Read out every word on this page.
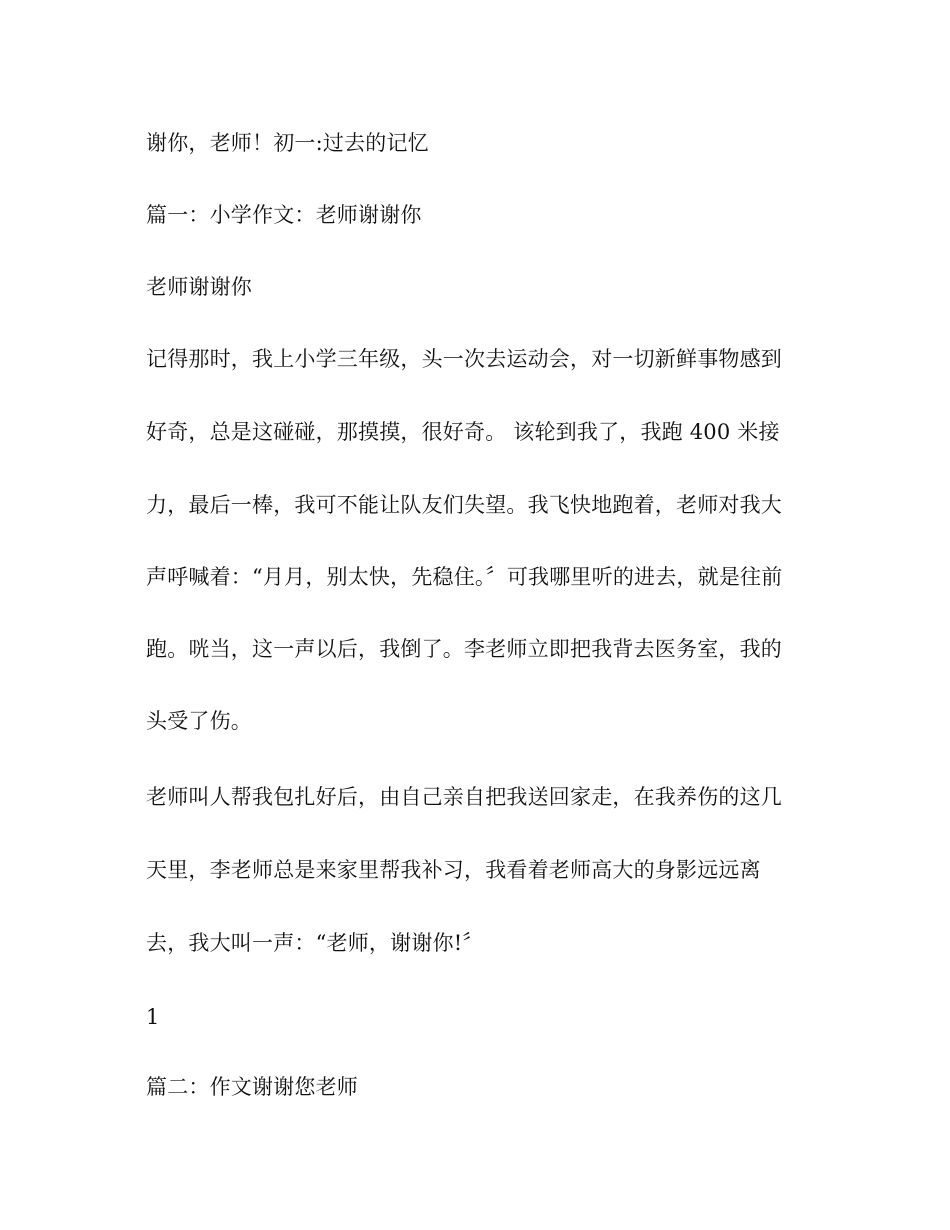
谢你，老师！初一:过去的记忆

篇一：小学作文：老师谢谢你

老师谢谢你

记得那时，我上小学三年级，头一次去运动会，对一切新鲜事物感到

好奇，总是这碰碰，那摸摸，很好奇。 该轮到我了，我跑 400 米接

力，最后一棒，我可不能让队友们失望。我飞快地跑着，老师对我大

声呼喊着：“月月，别太快，先稳住。〞可我哪里听的进去，就是往前

跑。咣当，这一声以后，我倒了。李老师立即把我背去医务室，我的

头受了伤。

老师叫人帮我包扎好后，由自己亲自把我送回家走，在我养伤的这几

天里，李老师总是来家里帮我补习，我看着老师高大的身影远远离

去，我大叫一声：“老师，谢谢你!〞

1

篇二：作文谢谢您老师
